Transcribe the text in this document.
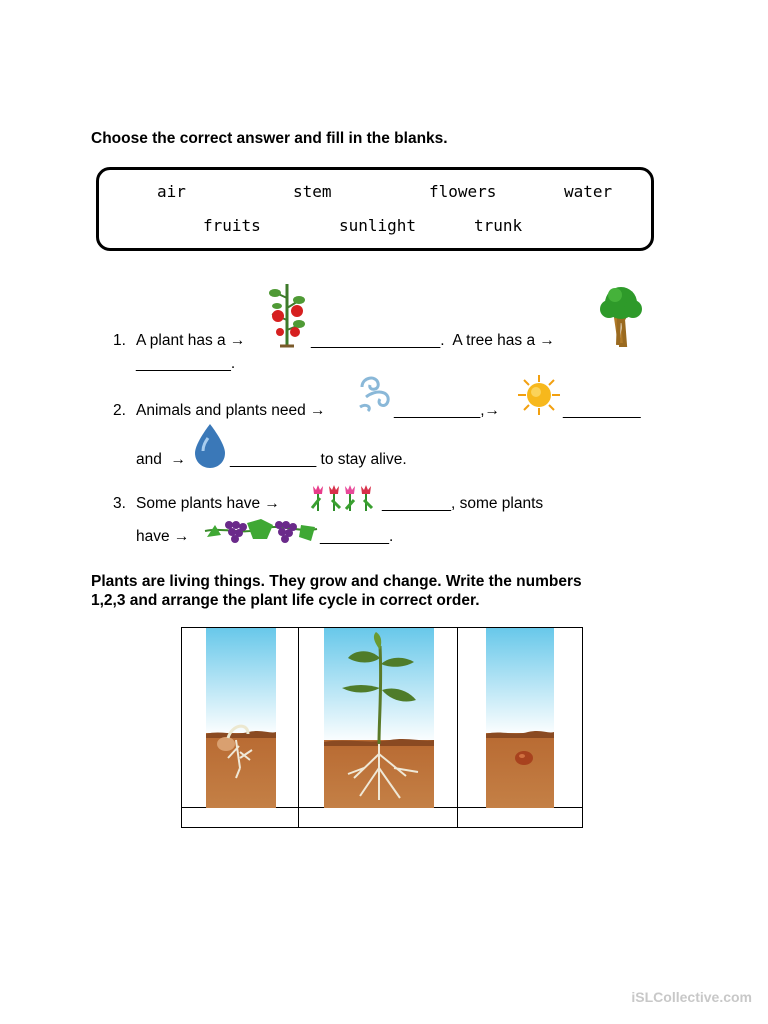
Choose the correct answer and fill in the blanks.
air	stem	flowers	water
fruits	sunlight	trunk
1. A plant has a →	_______________.  A tree has a →
___________.
2. Animals and plants need →	__________,→	_________
and  →	__________ to stay alive.
3. Some plants have →	________, some plants
have →	________.
Plants are living things. They grow and change. Write the numbers
1,2,3 and arrange the plant life cycle in correct order.

iSLCollective.com
